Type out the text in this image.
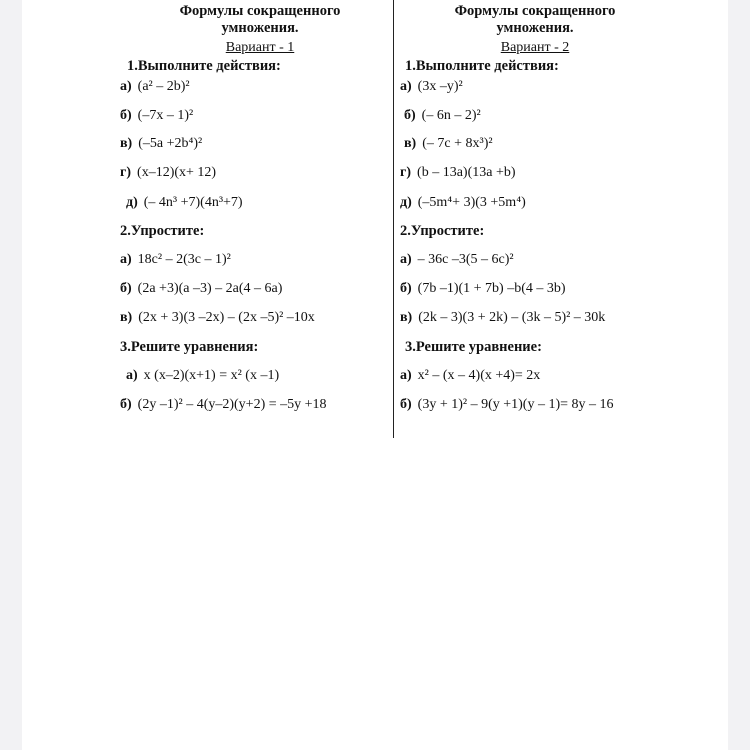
Формулы сокращенного
умножения.
Вариант - 1
1.Выполните действия:
а) (a² – 2b)²
б) (–7x – 1)²
в) (–5a +2b⁴)²
г) (x–12)(x+ 12)
д) (– 4n³ +7)(4n³+7)
2.Упростите:
а) 18c² – 2(3c – 1)²
б) (2a +3)(a –3) – 2a(4 – 6a)
в) (2x + 3)(3 –2x) – (2x –5)² –10x
3.Решите уравнения:
а) x (x–2)(x+1) = x² (x –1)
б) (2y –1)² – 4(y–2)(y+2) = –5y +18
Формулы сокращенного
умножения.
Вариант - 2
1.Выполните действия:
а) (3x –y)²
б) (– 6n – 2)²
в) (– 7c + 8x³)²
г) (b – 13a)(13a +b)
д) (–5m⁴+ 3)(3 +5m⁴)
2.Упростите:
а) – 36c –3(5 – 6c)²
б) (7b –1)(1 + 7b) –b(4 – 3b)
в) (2k – 3)(3 + 2k) – (3k – 5)² – 30k
3.Решите уравнение:
а) x² – (x – 4)(x +4)= 2x
б) (3y + 1)² – 9(y +1)(y – 1)= 8y – 16
